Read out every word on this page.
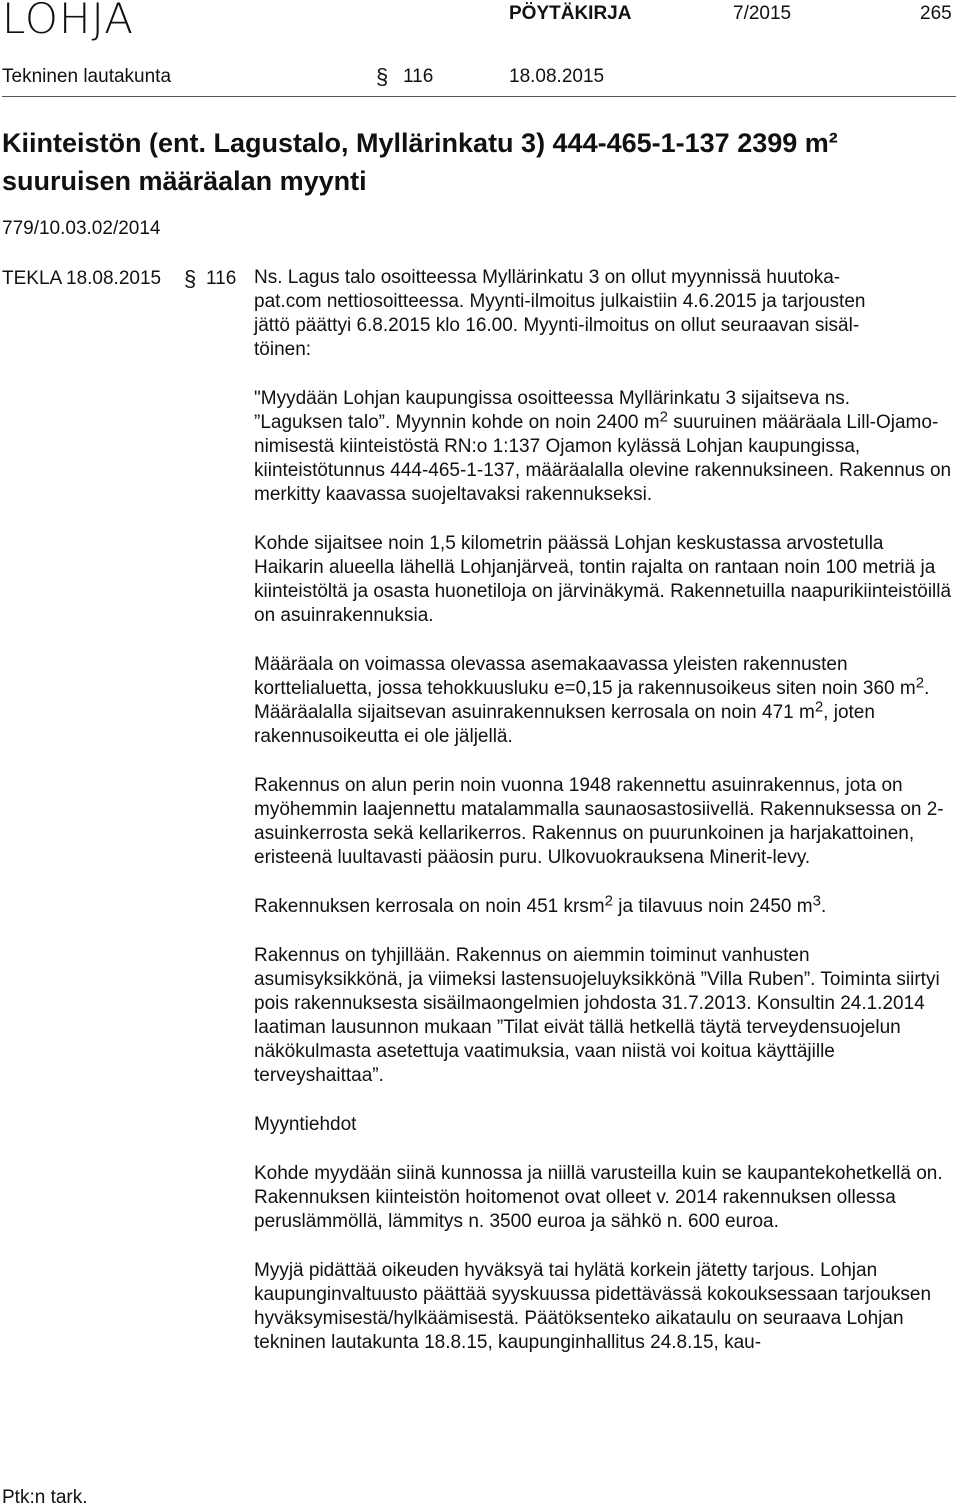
LOHJA	PÖYTÄKIRJA	7/2015	265
Tekninen lautakunta	§ 116	18.08.2015
Kiinteistön (ent. Lagustalo, Myllärinkatu 3) 444-465-1-137 2399 m² suuruisen määräalan myynti
779/10.03.02/2014
TEKLA 18.08.2015 § 116 Ns. Lagus talo osoitteessa Myllärinkatu 3 on ollut myynnissä huutoka-
pat.com nettiosoitteessa. Myynti-ilmoitus julkaistiin 4.6.2015 ja tarjousten
jättö päättyi 6.8.2015 klo 16.00. Myynti-ilmoitus on ollut seuraavan sisäl-
töinen:

"Myydään Lohjan kaupungissa osoitteessa Myllärinkatu 3 sijaitseva ns.

”Laguksen talo”. Myynnin kohde on noin 2400 $m^2$ suuruinen määräala Lill-Ojamo-nimisestä kiinteistöstä RN:o 1:137 Ojamon kylässä Lohjan kaupungissa, kiinteistötunnus 444-465-1-137, määräalalla olevine rakennuksineen. Rakennus on merkitty kaavassa suojeltavaksi rakennukseksi.

Kohde sijaitsee noin 1,5 kilometrin päässä Lohjan keskustassa arvostetulla Haikarin alueella lähellä Lohjanjärveä, tontin rajalta on rantaan noin 100 metriä ja kiinteistöltä ja osasta huonetiloja on järvinäkymä. Rakennetuilla naapurikiinteistöillä on asuinrakennuksia.

Määräala on voimassa olevassa asemakaavassa yleisten rakennusten korttelialuetta, jossa tehokkuusluku e=0,15 ja rakennusoikeus siten noin 360 $m^2$. Määräalalla sijaitsevan asuinrakennuksen kerrosala on noin 471 $m^2$, joten rakennusoikeutta ei ole jäljellä.

Rakennus on alun perin noin vuonna 1948 rakennettu asuinrakennus, jota on myöhemmin laajennettu matalammalla saunaosastosiivellä. Rakennuksessa on 2-asuinkerrosta sekä kellarikerros. Rakennus on puurunkoinen ja harjakattoinen, eristeenä luultavasti pääosin puru. Ulkovuokrauksena Minerit-levy.

Rakennuksen kerrosala on noin 451 krsm$^2$ ja tilavuus noin 2450 $m^3$.

Rakennus on tyhjillään. Rakennus on aiemmin toiminut vanhusten asumisyksikkönä, ja viimeksi lastensuojeluyksikkönä ”Villa Ruben”. Toiminta siirtyi pois rakennuksesta sisäilmaongelmien johdosta 31.7.2013. Konsultin 24.1.2014 laatiman lausunnon mukaan ”Tilat eivät tällä hetkellä täytä terveydensuojelun näkökulmasta asetettuja vaatimuksia, vaan niistä voi koitua käyttäjille terveyshaittaa”.

Myyntiehdot

Kohde myydään siinä kunnossa ja niillä varusteilla kuin se kaupantekohetkellä on. Rakennuksen kiinteistön hoitomenot ovat olleet v. 2014 rakennuksen ollessa peruslämmöllä, lämmitys n. 3500 euroa ja sähkö n. 600 euroa.

Myyjä pidättää oikeuden hyväksyä tai hylätä korkein jätetty tarjous. Lohjan kaupunginvaltuusto päättää syyskuussa pidettävässä kokouksessaan tarjouksen hyväksymisestä/hylkäämisestä. Päätöksenteko aikataulu on seuraava Lohjan tekninen lautakunta 18.8.15, kaupunginhallitus 24.8.15, kau-

Ptk:n tark.
